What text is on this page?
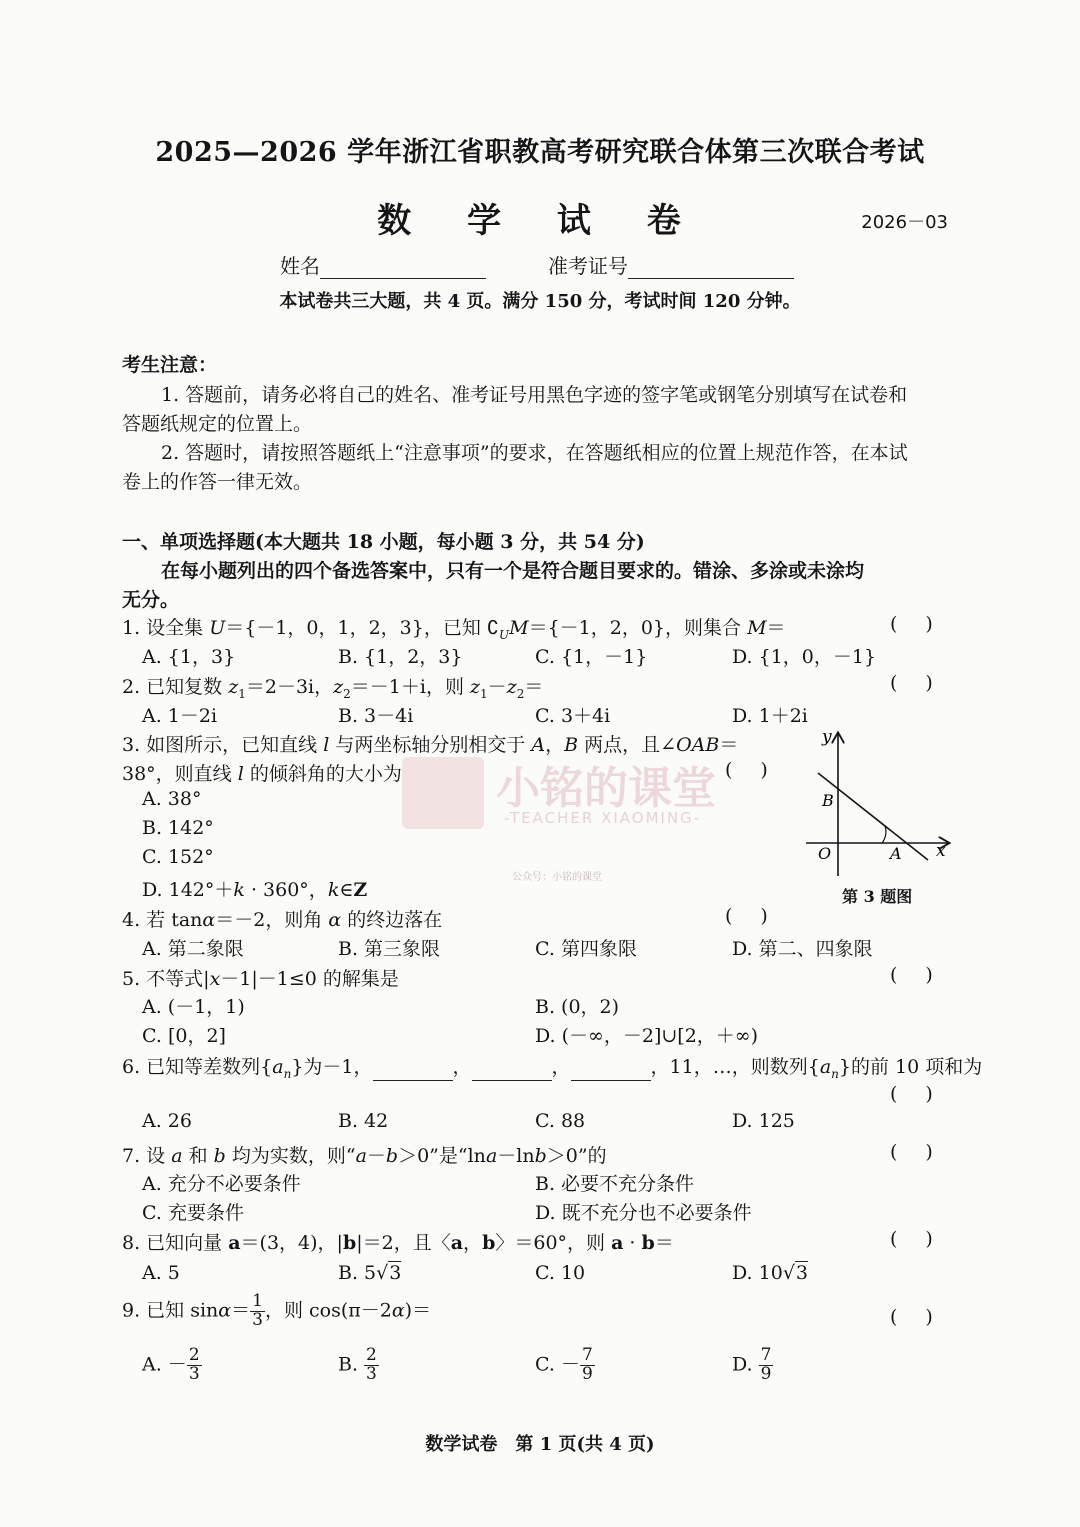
2025—2026 学年浙江省职教高考研究联合体第三次联合考试
数 学 试 卷	2026－03
姓名	准考证号
本试卷共三大题，共 4 页。满分 150 分，考试时间 120 分钟。
考生注意：
1. 答题前，请务必将自己的姓名、准考证号用黑色字迹的签字笔或钢笔分别填写在试卷和
答题纸规定的位置上。
2. 答题时，请按照答题纸上“注意事项”的要求，在答题纸相应的位置上规范作答，在本试
卷上的作答一律无效。
一、单项选择题(本大题共 18 小题，每小题 3 分，共 54 分)
在每小题列出的四个备选答案中，只有一个是符合题目要求的。错涂、多涂或未涂均
无分。
1. 设全集 U＝{－1，0，1，2，3}，已知 $∁_UM=\{-1$，2，0}，则集合 M＝	()
A. {1，3}	B. {1，2，3}	C. {1，－1}	D. {1，0，－1}
2. 已知复数 $z_1=2-3i$，$z_2=-1+i$，则 $z_1-z_2=$	()
A. 1－2i	B. 3－4i	C. 3＋4i	D. 1＋2i
3. 如图所示，已知直线 l 与两坐标轴分别相交于 A，B 两点，且∠OAB＝
38°，则直线 l 的倾斜角的大小为	()
A. 38°
B. 142°
C. 152°
D. 142°＋k · 360°，k∈Z
y
x
O	A
B
第 3 题图
4. 若 tanα＝－2，则角 α 的终边落在	()
A. 第二象限	B. 第三象限	C. 第四象限	D. 第二、四象限
5. 不等式|x－1|－1≤0 的解集是	()
A. (－1，1)	B. (0，2)
C. [0，2]	D. (－∞，－2]∪[2，＋∞)
6. 已知等差数列$\{a_n\}$为－1，	，	，	，11，…，则数列$\{a_n\}$的前 10 项和为
()
A. 26	B. 42	C. 88	D. 125
7. 设 a 和 b 均为实数，则“a－b＞0”是“lna－lnb＞0”的	()
A. 充分不必要条件	B. 必要不充分条件
C. 充要条件	D. 既不充分也不必要条件
8. 已知向量 a＝(3，4)，|b|＝2，且〈a，b〉＝60°，则 a · b＝	()
A. 5	B. 5√3	C. 10	D. 10√3
9. 已知 $\sin\alpha= \frac{1}{3}$ ，则 cos(π－2α)＝	()
A. － $\frac{2}{3}$	B. $\frac{2}{3}$	C. － $\frac{7}{9}$	D. $\frac{7}{9}$
小铭的课堂
-TEACHER XIAOMING-
公众号：小铭的课堂
数学试卷　第 1 页(共 4 页)
